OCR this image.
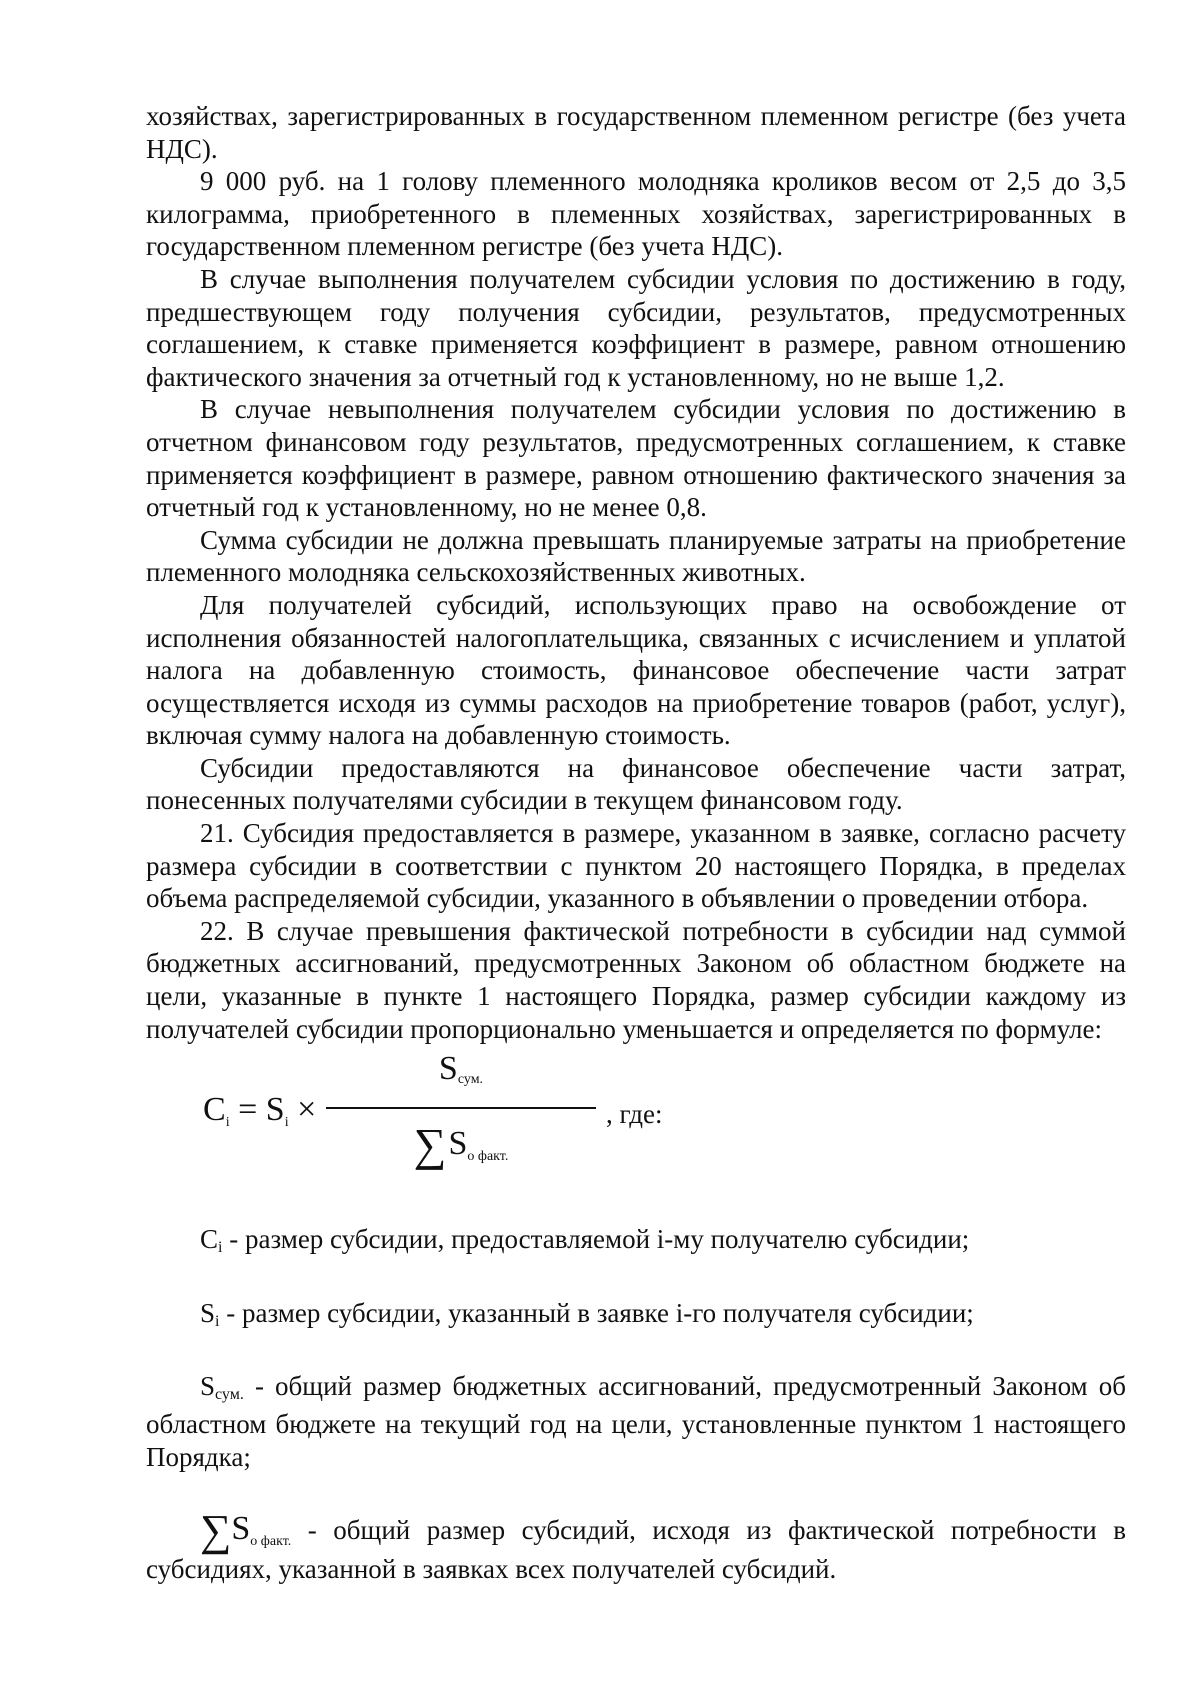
хозяйствах, зарегистрированных в государственном племенном регистре (без учета НДС).

9 000 руб. на 1 голову племенного молодняка кроликов весом от 2,5 до 3,5 килограмма, приобретенного в племенных хозяйствах, зарегистрированных в государственном племенном регистре (без учета НДС).

В случае выполнения получателем субсидии условия по достижению в году, предшествующем году получения субсидии, результатов, предусмотренных соглашением, к ставке применяется коэффициент в размере, равном отношению фактического значения за отчетный год к установленному, но не выше 1,2.

В случае невыполнения получателем субсидии условия по достижению в отчетном финансовом году результатов, предусмотренных соглашением, к ставке применяется коэффициент в размере, равном отношению фактического значения за отчетный год к установленному, но не менее 0,8.

Сумма субсидии не должна превышать планируемые затраты на приобретение племенного молодняка сельскохозяйственных животных.

Для получателей субсидий, использующих право на освобождение от исполнения обязанностей налогоплательщика, связанных с исчислением и уплатой налога на добавленную стоимость, финансовое обеспечение части затрат осуществляется исходя из суммы расходов на приобретение товаров (работ, услуг), включая сумму налога на добавленную стоимость.

Субсидии предоставляются на финансовое обеспечение части затрат, понесенных получателями субсидии в текущем финансовом году.

21. Субсидия предоставляется в размере, указанном в заявке, согласно расчету размера субсидии в соответствии с пунктом 20 настоящего Порядка, в пределах объема распределяемой субсидии, указанного в объявлении о проведении отбора.

22. В случае превышения фактической потребности в субсидии над суммой бюджетных ассигнований, предусмотренных Законом об областном бюджете на цели, указанные в пункте 1 настоящего Порядка, размер субсидии каждому из получателей субсидии пропорционально уменьшается и определяется по формуле:

$C_i = S_i$ ×
$S_{сум.}$
$\sum S_{о факт.}$
, где:

$C_i$ - размер субсидии, предоставляемой i-му получателю субсидии;

$S_i$ - размер субсидии, указанный в заявке i-го получателя субсидии;

$S_{сум.}$ - общий размер бюджетных ассигнований, предусмотренный Законом об областном бюджете на текущий год на цели, установленные пунктом 1 настоящего Порядка;

$\sum S_{о факт.}$ - общий размер субсидий, исходя из фактической потребности в субсидиях, указанной в заявках всех получателей субсидий.
